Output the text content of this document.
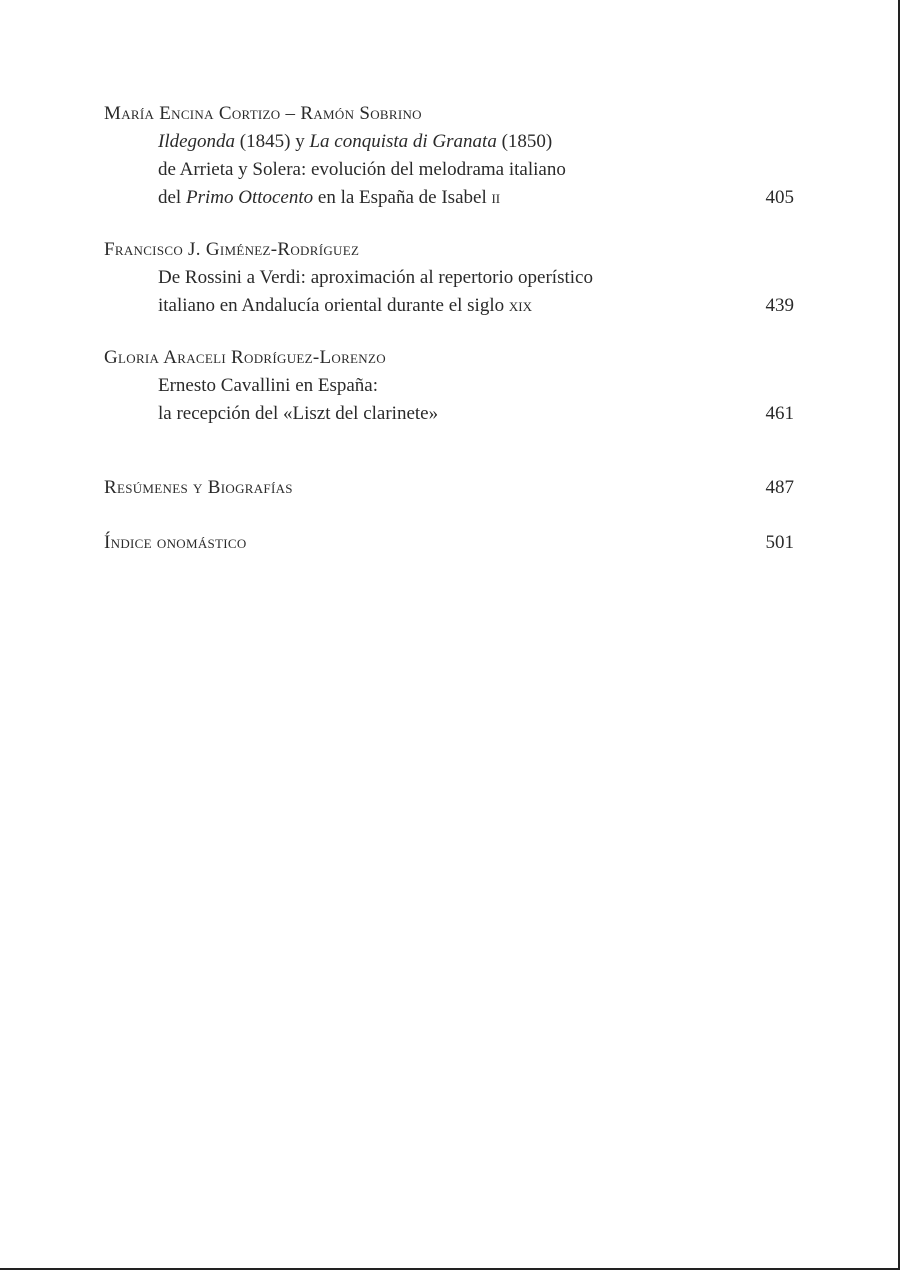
María Encina Cortizo – Ramón Sobrino
Ildegonda (1845) y La conquista di Granata (1850)
de Arrieta y Solera: evolución del melodrama italiano
del Primo Ottocento en la España de Isabel ii	405
Francisco J. Giménez-Rodríguez
De Rossini a Verdi: aproximación al repertorio operístico
italiano en Andalucía oriental durante el siglo xix	439
Gloria Araceli Rodríguez-Lorenzo
Ernesto Cavallini en España:
la recepción del «Liszt del clarinete»	461
Resúmenes y Biografías	487
Índice onomástico	501
